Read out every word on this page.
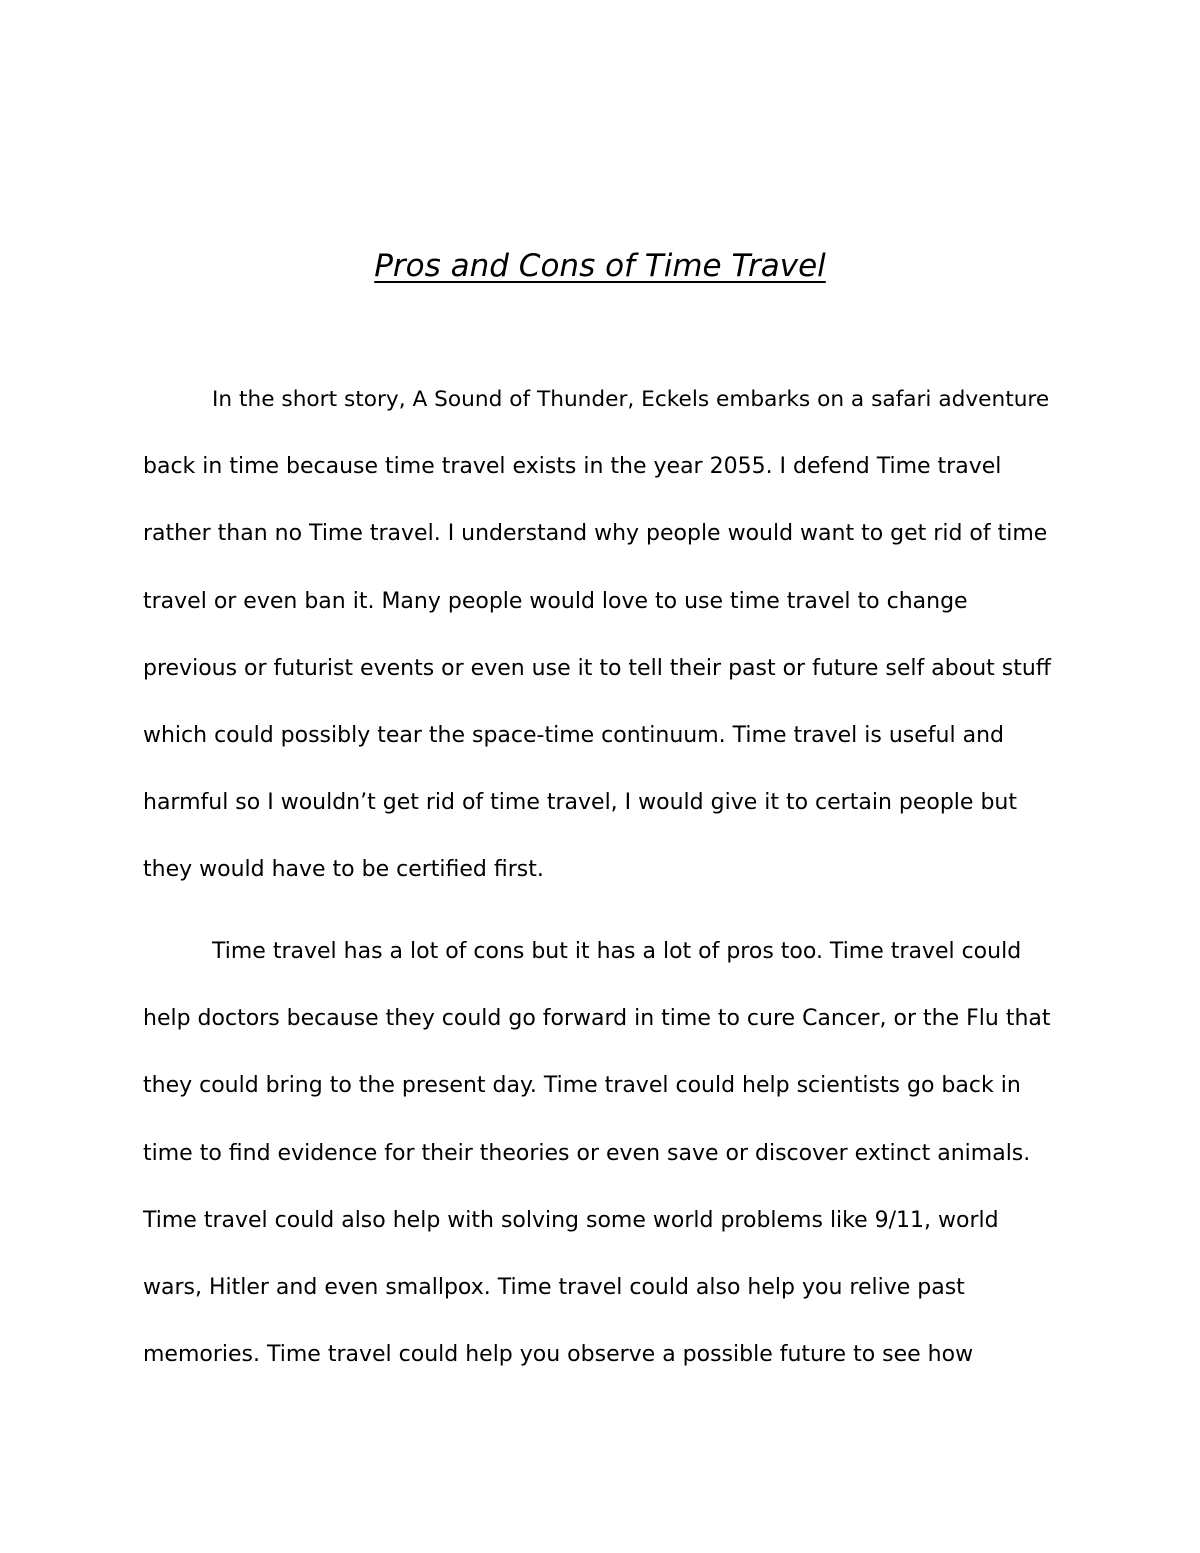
Pros and Cons of Time Travel
In the short story, A Sound of Thunder, Eckels embarks on a safari adventure
back in time because time travel exists in the year 2055. I defend Time travel
rather than no Time travel. I understand why people would want to get rid of time
travel or even ban it. Many people would love to use time travel to change
previous or futurist events or even use it to tell their past or future self about stuff
which could possibly tear the space-time continuum. Time travel is useful and
harmful so I wouldn’t get rid of time travel, I would give it to certain people but
they would have to be certified first.
Time travel has a lot of cons but it has a lot of pros too. Time travel could
help doctors because they could go forward in time to cure Cancer, or the Flu that
they could bring to the present day. Time travel could help scientists go back in
time to find evidence for their theories or even save or discover extinct animals.
Time travel could also help with solving some world problems like 9/11, world
wars, Hitler and even smallpox. Time travel could also help you relive past
memories. Time travel could help you observe a possible future to see how
